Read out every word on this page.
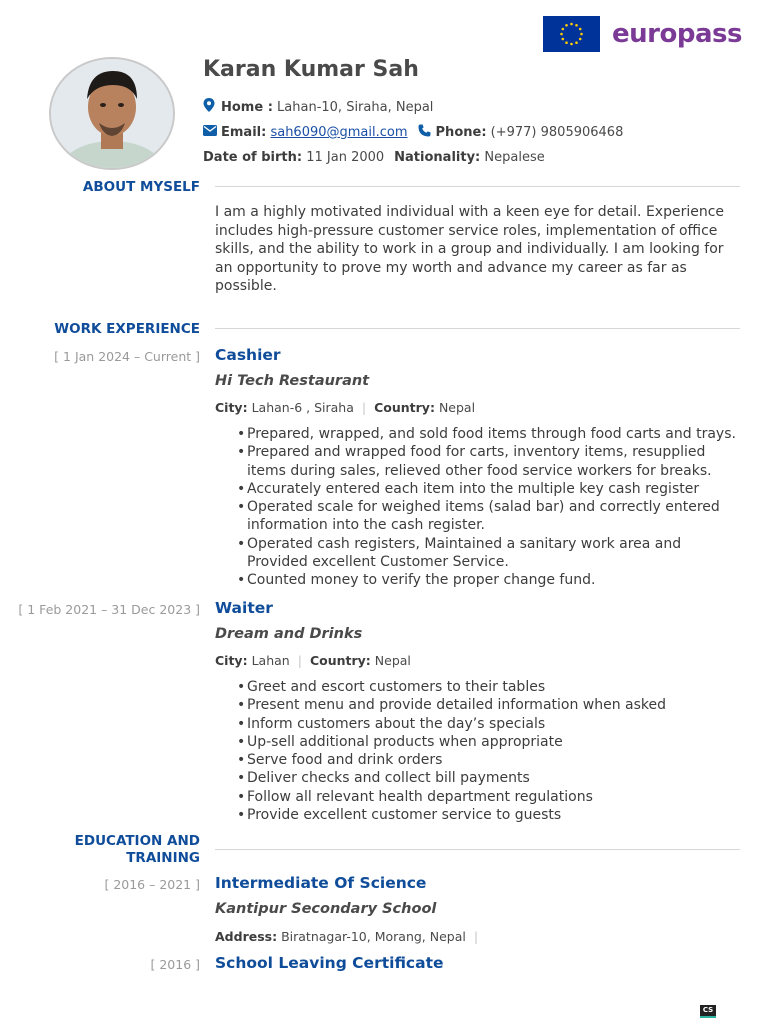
europass
Karan Kumar Sah
Home :
Lahan-10, Siraha, Nepal
Email:
sah6090@gmail.com Phone:
(+977) 9805906468
Date of birth:
11 Jan 2000 Nationality:
Nepalese
ABOUT MYSELF
I am a highly motivated individual with a keen eye for detail. Experience includes high-pressure customer service roles, implementation of office skills, and the ability to work in a group and individually. I am looking for an opportunity to prove my worth and advance my career as far as possible.
WORK EXPERIENCE
[ 1 Jan 2024 – Current ] Cashier
Hi Tech Restaurant
City: Lahan-6 , Siraha | Country: Nepal
• Prepared, wrapped, and sold food items through food carts and trays.
• Prepared and wrapped food for carts, inventory items, resupplied items during sales, relieved other food service workers for breaks.
• Accurately entered each item into the multiple key cash register
• Operated scale for weighed items (salad bar) and correctly entered information into the cash register.
• Operated cash registers, Maintained a sanitary work area and Provided excellent Customer Service.
• Counted money to verify the proper change fund.
[ 1 Feb 2021 – 31 Dec 2023 ] Waiter
Dream and Drinks
City: Lahan | Country: Nepal
• Greet and escort customers to their tables
• Present menu and provide detailed information when asked
• Inform customers about the day’s specials
• Up-sell additional products when appropriate
• Serve food and drink orders
• Deliver checks and collect bill payments
• Follow all relevant health department regulations
• Provide excellent customer service to guests
EDUCATION AND
TRAINING
[ 2016 – 2021 ] Intermediate Of Science
Kantipur Secondary School
Address: Biratnagar-10, Morang, Nepal |
[ 2016 ] School Leaving Certificate
CS
